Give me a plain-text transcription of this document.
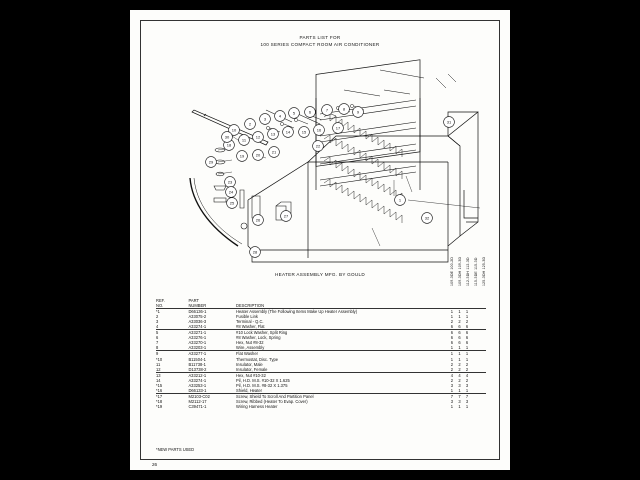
PARTS LIST FOR
100 SERIES COMPACT ROOM AIR CONDITIONER
1
2
3
4
5	6	7	8
9
10
11
12
13	14	15	16	17
18
19	20
21
22
23
24
25
26
27
28
29
30
31
32
HEATER ASSEMBLY MFG. BY GOULD	109-3DE 100-2D 109-3DH 109-3D 112-3DH 112-3D 115-3DE 115-3D 125-3DH 125-3D
REF.
NO.	PART
NUMBER	DESCRIPTION					
*1	D66136-1	Heater Assembly (The Following Items Make Up Heater Assembly)	1	1	1		
2	A33075-2	Fusible Link	1	1	1		
3	A33036-3	Terminal - Q.C.	2	2	2		
4	A33274-1	#8 Washer, Flat	6	6	6		
5	A33271-1	#10 Lock Washer, Split Ring	6	6	6		
6	A33276-1	#8 Washer, Lock, Spring	6	6	6		
7	A33270-1	Hex, Nut #8-32	6	6	6		
8	A33203-1	Wire, Assembly	1	1	1		
9	A33277-1	Flat Washer	1	1	1		
*10	B11504-1	Thermostat, Disc. Type	1	1	1		
11	B11738-1	Insulator, Male	2	2	2		
12	D13738-2	Insulator, Female	2	2	2		
13	A33212-1	Hex, Nut #10-32	4	4	4		
14	A33274-1	Pil, H.D. M.S. #10-32 X 1.625	2	2	2		
*15	A33253-1	Pil, H.D. M.S. #8-32 X 1.375	3	3	3		
*16	D66133-1	Shield, Heater	1	1	1		
*17	M2103-C02	Screw, Shield To Scroll And Partition Panel	7	7	7		
*18	M2112-17	Screw, Ribbed (Heater To Evap. Cover)	3	3	3		
*19	C39471-1	Wiring Harness Heater	1	1	1		
*NEW PARTS USED
26
